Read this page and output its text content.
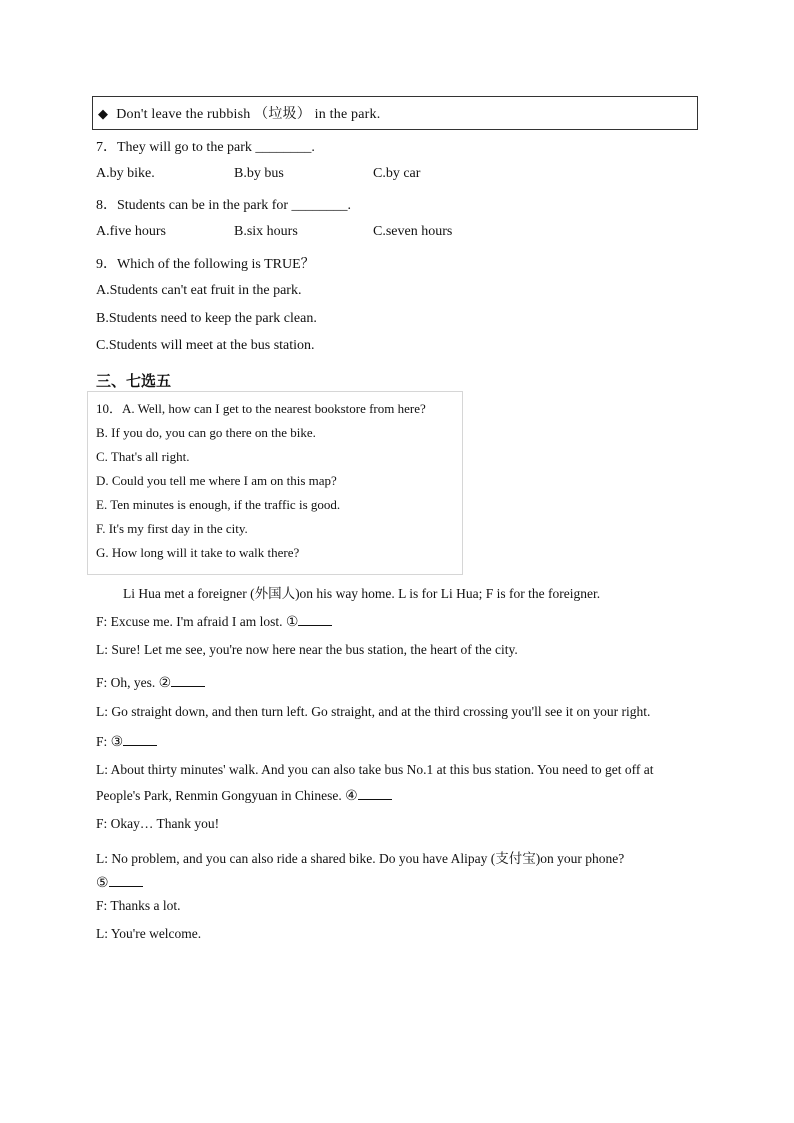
◆ Don't leave the rubbish （垃圾） in the park.
7．They will go to the park ________.
A.by bike.	B.by bus	C.by car
8．Students can be in the park for ________.
A.five hours	B.six hours	C.seven hours
9．Which of the following is TRUE？
A.Students can't eat fruit in the park.
B.Students need to keep the park clean.
C.Students will meet at the bus station.
三、七选五
10．A. Well, how can I get to the nearest bookstore from here?
B. If you do, you can go there on the bike.
C. That's all right.
D. Could you tell me where I am on this map?
E. Ten minutes is enough, if the traffic is good.
F. It's my first day in the city.
G. How long will it take to walk there?
Li Hua met a foreigner (外国人)on his way home. L is for Li Hua; F is for the foreigner.
F: Excuse me. I'm afraid I am lost. ①
L: Sure! Let me see, you're now here near the bus station, the heart of the city.
F: Oh, yes. ②
L: Go straight down, and then turn left. Go straight, and at the third crossing you'll see it on your right.
F: ③
L: About thirty minutes' walk. And you can also take bus No.1 at this bus station. You need to get off at
People's Park, Renmin Gongyuan in Chinese. ④
F: Okay… Thank you!
L: No problem, and you can also ride a shared bike. Do you have Alipay (支付宝)on your phone?
⑤
F: Thanks a lot.
L: You're welcome.
